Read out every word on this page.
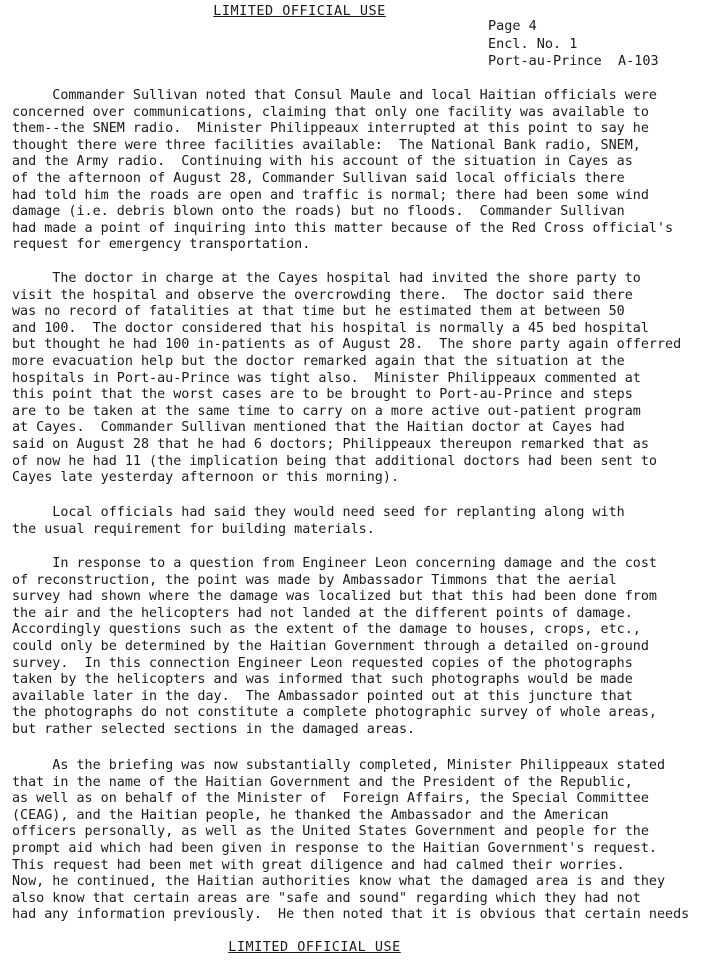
LIMITED OFFICIAL USE
Page 4
Encl. No. 1
Port-au-Prince  A-103
Commander Sullivan noted that Consul Maule and local Haitian officials were
concerned over communications, claiming that only one facility was available to
them--the SNEM radio.  Minister Philippeaux interrupted at this point to say he
thought there were three facilities available:  The National Bank radio, SNEM,
and the Army radio.  Continuing with his account of the situation in Cayes as
of the afternoon of August 28, Commander Sullivan said local officials there
had told him the roads are open and traffic is normal; there had been some wind
damage (i.e. debris blown onto the roads) but no floods.  Commander Sullivan
had made a point of inquiring into this matter because of the Red Cross official's
request for emergency transportation.
The doctor in charge at the Cayes hospital had invited the shore party to
visit the hospital and observe the overcrowding there.  The doctor said there
was no record of fatalities at that time but he estimated them at between 50
and 100.  The doctor considered that his hospital is normally a 45 bed hospital
but thought he had 100 in-patients as of August 28.  The shore party again offerred
more evacuation help but the doctor remarked again that the situation at the
hospitals in Port-au-Prince was tight also.  Minister Philippeaux commented at
this point that the worst cases are to be brought to Port-au-Prince and steps
are to be taken at the same time to carry on a more active out-patient program
at Cayes.  Commander Sullivan mentioned that the Haitian doctor at Cayes had
said on August 28 that he had 6 doctors; Philippeaux thereupon remarked that as
of now he had 11 (the implication being that additional doctors had been sent to
Cayes late yesterday afternoon or this morning).
Local officials had said they would need seed for replanting along with
the usual requirement for building materials.
In response to a question from Engineer Leon concerning damage and the cost
of reconstruction, the point was made by Ambassador Timmons that the aerial
survey had shown where the damage was localized but that this had been done from
the air and the helicopters had not landed at the different points of damage.
Accordingly questions such as the extent of the damage to houses, crops, etc.,
could only be determined by the Haitian Government through a detailed on-ground
survey.  In this connection Engineer Leon requested copies of the photographs
taken by the helicopters and was informed that such photographs would be made
available later in the day.  The Ambassador pointed out at this juncture that
the photographs do not constitute a complete photographic survey of whole areas,
but rather selected sections in the damaged areas.
As the briefing was now substantially completed, Minister Philippeaux stated
that in the name of the Haitian Government and the President of the Republic,
as well as on behalf of the Minister of  Foreign Affairs, the Special Committee
(CEAG), and the Haitian people, he thanked the Ambassador and the American
officers personally, as well as the United States Government and people for the
prompt aid which had been given in response to the Haitian Government's request.
This request had been met with great diligence and had calmed their worries.
Now, he continued, the Haitian authorities know what the damaged area is and they
also know that certain areas are "safe and sound" regarding which they had not
had any information previously.  He then noted that it is obvious that certain needs
LIMITED OFFICIAL USE
